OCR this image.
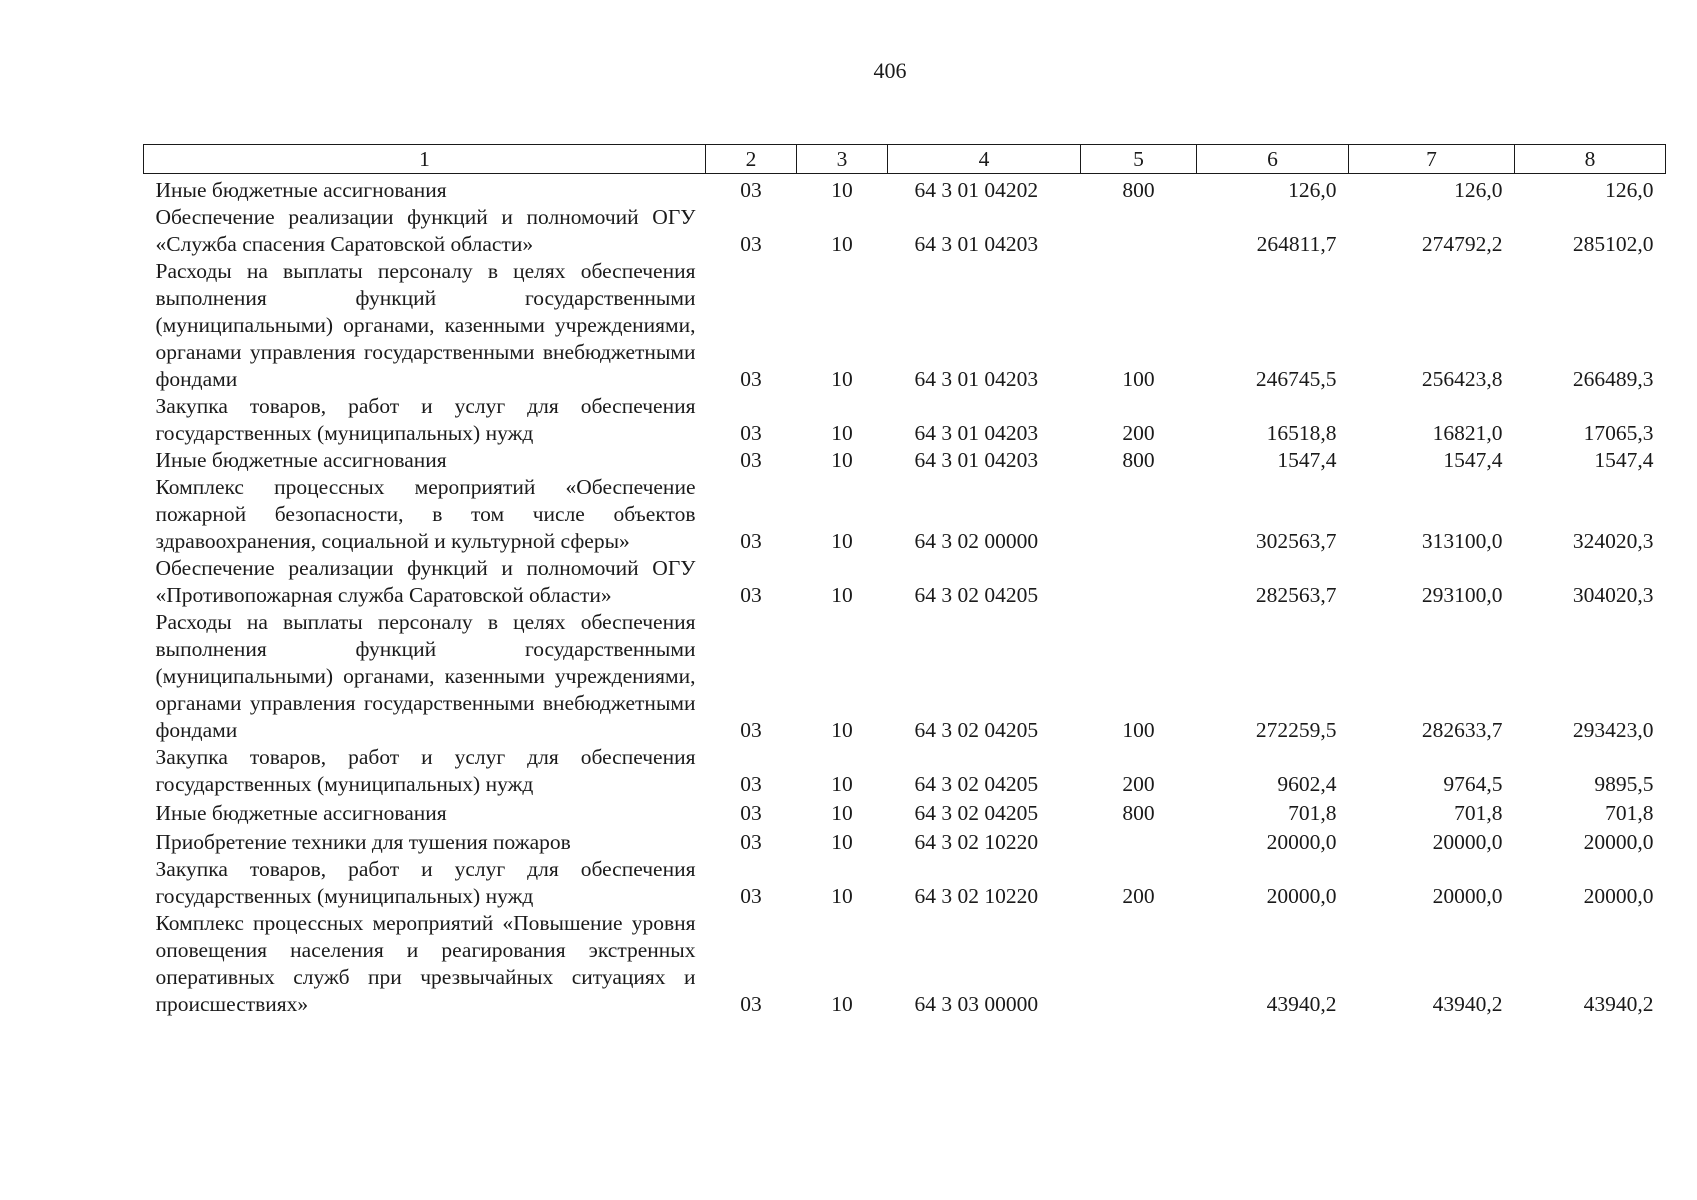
406
1	2	3	4	5	6	7	8
Иные бюджетные ассигнования	03	10	64 3 01 04202	800	126,0	126,0	126,0
Обеспечение реализации функций и полномочий ОГУ «Служба спасения Саратовской области»	03	10	64 3 01 04203		264811,7	274792,2	285102,0
Расходы на выплаты персоналу в целях обеспечения выполнения функций государственными (муниципальными) органами, казенными учреждениями, органами управления государственными внебюджетными фондами	03	10	64 3 01 04203	100	246745,5	256423,8	266489,3
Закупка товаров, работ и услуг для обеспечения государственных (муниципальных) нужд	03	10	64 3 01 04203	200	16518,8	16821,0	17065,3
Иные бюджетные ассигнования	03	10	64 3 01 04203	800	1547,4	1547,4	1547,4
Комплекс процессных мероприятий «Обеспечение пожарной безопасности, в том числе объектов здравоохранения, социальной и культурной сферы»	03	10	64 3 02 00000		302563,7	313100,0	324020,3
Обеспечение реализации функций и полномочий ОГУ «Противопожарная служба Саратовской области»	03	10	64 3 02 04205		282563,7	293100,0	304020,3
Расходы на выплаты персоналу в целях обеспечения выполнения функций государственными (муниципальными) органами, казенными учреждениями, органами управления государственными внебюджетными фондами	03	10	64 3 02 04205	100	272259,5	282633,7	293423,0
Закупка товаров, работ и услуг для обеспечения государственных (муниципальных) нужд	03	10	64 3 02 04205	200	9602,4	9764,5	9895,5
Иные бюджетные ассигнования	03	10	64 3 02 04205	800	701,8	701,8	701,8
Приобретение техники для тушения пожаров	03	10	64 3 02 10220		20000,0	20000,0	20000,0
Закупка товаров, работ и услуг для обеспечения государственных (муниципальных) нужд	03	10	64 3 02 10220	200	20000,0	20000,0	20000,0
Комплекс процессных мероприятий «Повышение уровня оповещения населения и реагирования экстренных оперативных служб при чрезвычайных ситуациях и происшествиях»	03	10	64 3 03 00000		43940,2	43940,2	43940,2
